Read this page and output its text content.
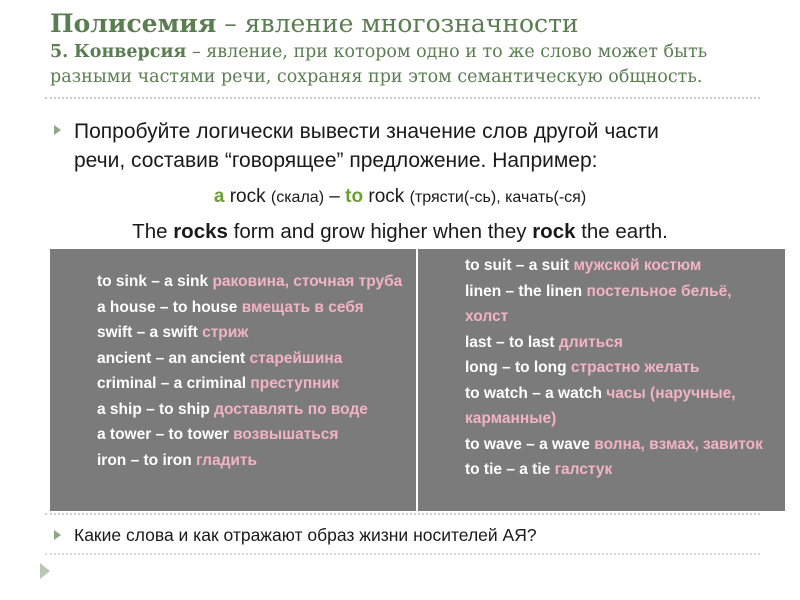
Полисемия – явление многозначности
5. Конверсия – явление, при котором одно и то же слово может быть
разными частями речи, сохраняя при этом семантическую общность.
Попробуйте логически вывести значение слов другой части
речи, составив “говорящее” предложение. Например:
a rock (скала) – to rock (трясти(-сь), качать(-ся)
The rocks form and grow higher when they rock the earth.
to sink – a sink раковина, сточная труба
a house – to house вмещать в себя
swift – a swift стриж
ancient – an ancient старейшина
criminal – a criminal преступник
a ship – to ship доставлять по воде
a tower – to tower возвышаться
iron – to iron гладить
to suit – a suit мужской костюм
linen – the linen постельное бельё, холст
last – to last длиться
long – to long страстно желать
to watch – a watch часы (наручные, карманные)
to wave – a wave волна, взмах, завиток
to tie – a tie галстук
Какие слова и как отражают образ жизни носителей АЯ?
